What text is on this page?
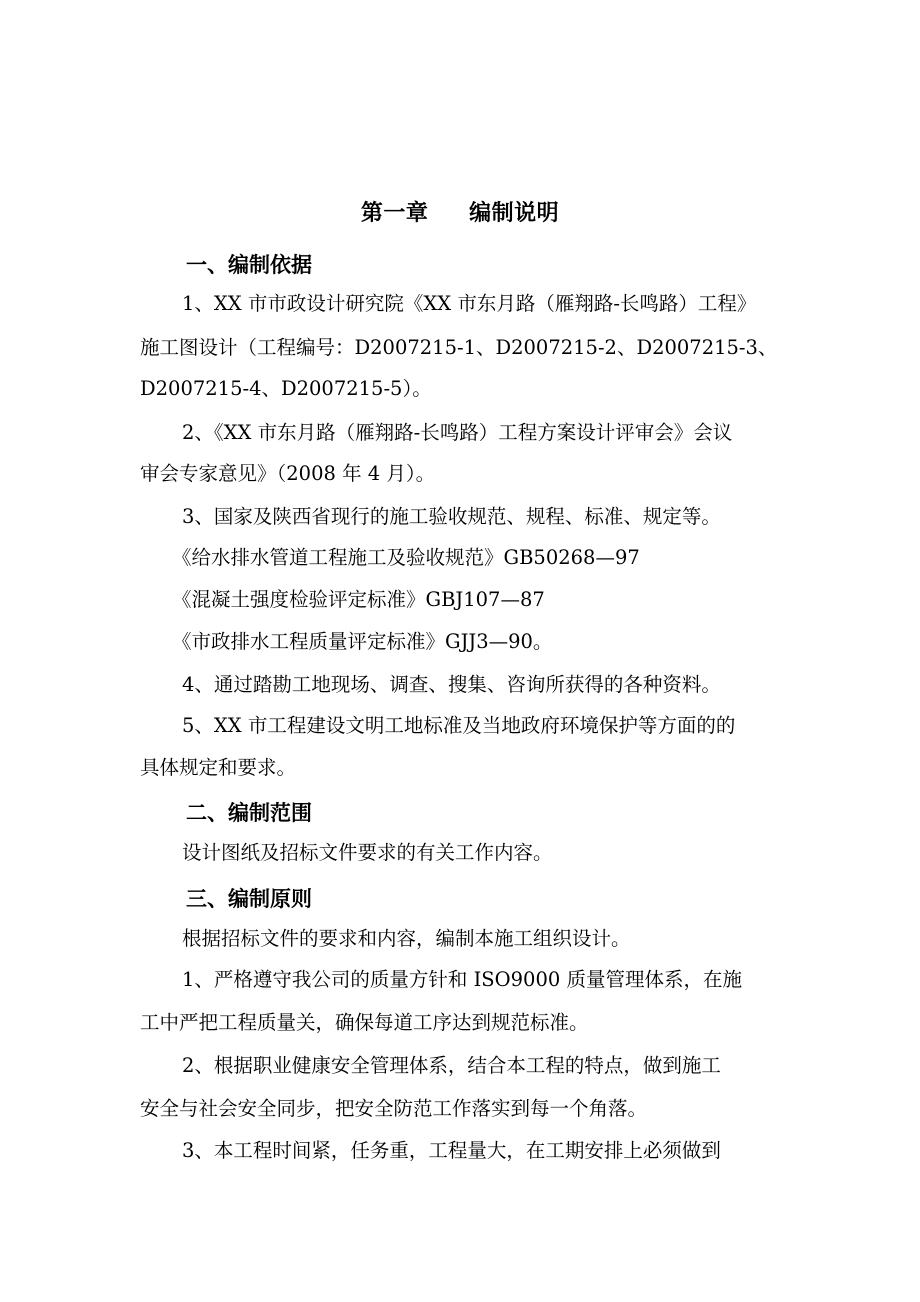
第一章     编制说明
一、编制依据
1、XX 市市政设计研究院《XX 市东月路（雁翔路-长鸣路）工程》
施工图设计（工程编号：D2007215-1、D2007215-2、D2007215-3、
D2007215-4、D2007215-5）。
2、《XX 市东月路（雁翔路-长鸣路）工程方案设计评审会》会议
审会专家意见》（2008 年 4 月）。
3、国家及陕西省现行的施工验收规范、规程、标准、规定等。
《给水排水管道工程施工及验收规范》GB50268—97
《混凝土强度检验评定标准》GBJ107—87
《市政排水工程质量评定标准》GJJ3—90。
4、通过踏勘工地现场、调查、搜集、咨询所获得的各种资料。
5、XX 市工程建设文明工地标准及当地政府环境保护等方面的的
具体规定和要求。
二、编制范围
设计图纸及招标文件要求的有关工作内容。
三、编制原则
根据招标文件的要求和内容，编制本施工组织设计。
1、严格遵守我公司的质量方针和 ISO9000 质量管理体系，在施
工中严把工程质量关，确保每道工序达到规范标准。
2、根据职业健康安全管理体系，结合本工程的特点，做到施工
安全与社会安全同步，把安全防范工作落实到每一个角落。
3、本工程时间紧，任务重，工程量大，在工期安排上必须做到
